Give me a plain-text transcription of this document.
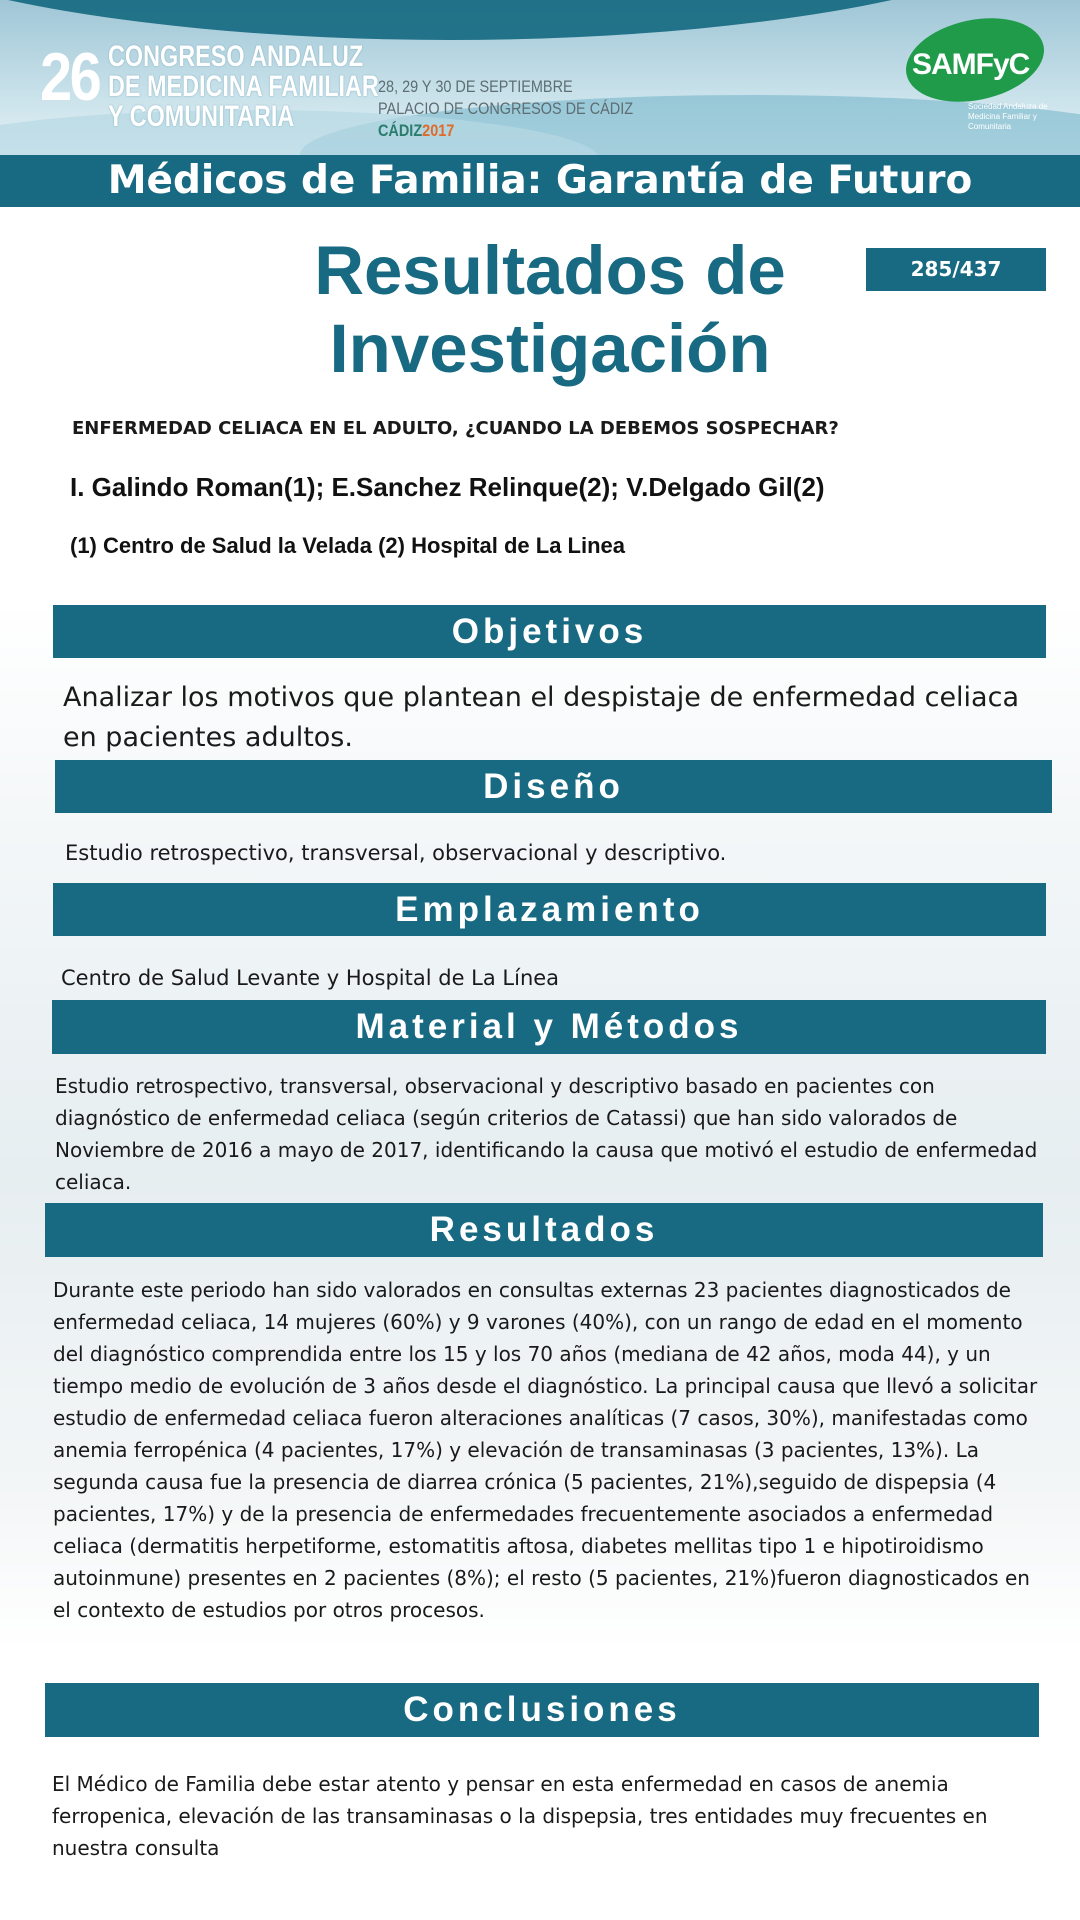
26 CONGRESO ANDALUZ
DE MEDICINA FAMILIAR
Y COMUNITARIA
28, 29 Y 30 DE SEPTIEMBRE
PALACIO DE CONGRESOS DE CÁDIZ
CÁDIZ2017
SAMFyC
Sociedad Andaluza de Medicina Familiar y Comunitaria
Médicos de Familia: Garantía de Futuro
Resultados de
Investigación
285/437
ENFERMEDAD CELIACA EN EL ADULTO, ¿CUANDO LA DEBEMOS SOSPECHAR?
I. Galindo Roman(1); E.Sanchez Relinque(2); V.Delgado Gil(2)
(1) Centro de Salud la Velada (2) Hospital de La Linea
Objetivos
Analizar los motivos que plantean el despistaje de enfermedad celiaca en pacientes adultos.
Diseño
Estudio retrospectivo, transversal, observacional y descriptivo.
Emplazamiento
Centro de Salud Levante y Hospital de La Línea
Material y Métodos
Estudio retrospectivo, transversal, observacional y descriptivo basado en pacientes con diagnóstico de enfermedad celiaca (según criterios de Catassi) que han sido valorados de Noviembre de 2016 a mayo de 2017, identificando la causa que motivó el estudio de enfermedad celiaca.
Resultados
Durante este periodo han sido valorados en consultas externas 23 pacientes diagnosticados de enfermedad celiaca, 14 mujeres (60%) y 9 varones (40%), con un rango de edad en el momento del diagnóstico comprendida entre los 15 y los 70 años (mediana de 42 años, moda 44), y un tiempo medio de evolución de 3 años desde el diagnóstico. La principal causa que llevó a solicitar estudio de enfermedad celiaca fueron alteraciones analíticas (7 casos, 30%), manifestadas como anemia ferropénica (4 pacientes, 17%) y elevación de transaminasas (3 pacientes, 13%). La segunda causa fue la presencia de diarrea crónica (5 pacientes, 21%),seguido de dispepsia (4 pacientes, 17%) y de la presencia de enfermedades frecuentemente asociados a enfermedad celiaca (dermatitis herpetiforme, estomatitis aftosa, diabetes mellitas tipo 1 e hipotiroidismo autoinmune) presentes en 2 pacientes (8%); el resto (5 pacientes, 21%)fueron diagnosticados en el contexto de estudios por otros procesos.
Conclusiones
El Médico de Familia debe estar atento y pensar en esta enfermedad en casos de anemia ferropenica, elevación de las transaminasas o la dispepsia, tres entidades muy frecuentes en nuestra consulta
